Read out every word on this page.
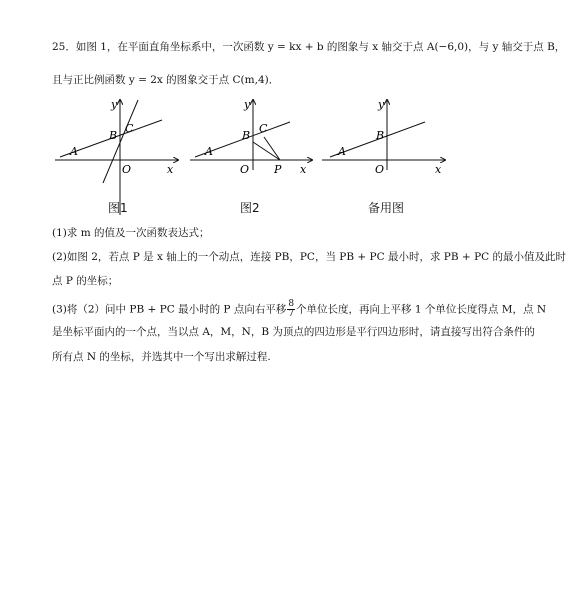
25．如图 1，在平面直角坐标系中，一次函数 y = kx + b 的图象与 x 轴交于点 A(−6,0)，与 y 轴交于点 B，
且与正比例函数 y = 2x 的图象交于点 C(m,4)．
A
B
C
O	x
y
A
B
C
O P x
y
A
B
O	x
y
图1	图2	备用图
(1)求 m 的值及一次函数表达式；
(2)如图 2，若点 P 是 x 轴上的一个动点，连接 PB，PC，当 PB + PC 最小时，求 PB + PC 的最小值及此时
点 P 的坐标；
(3)将（2）问中 PB + PC 最小时的 P 点向右平移 $\frac{8}{7}$ 个单位长度，再向上平移 1 个单位长度得点 M，点 N
是坐标平面内的一个点，当以点 A，M，N，B 为顶点的四边形是平行四边形时，请直接写出符合条件的
所有点 N 的坐标，并选其中一个写出求解过程.
